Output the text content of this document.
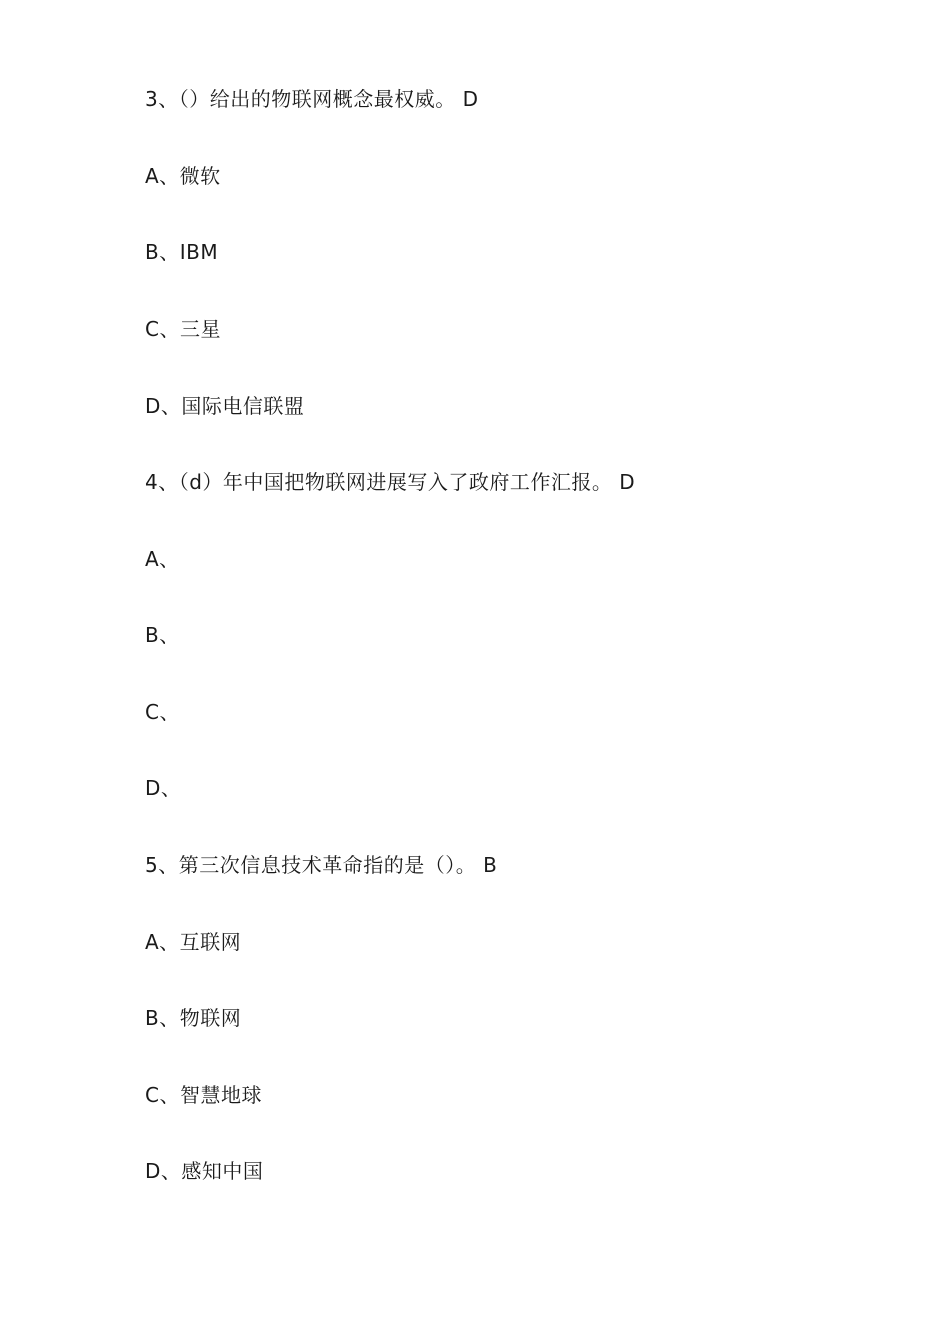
3、（）给出的物联网概念最权威。 D
A、微软
B、IBM
C、三星
D、国际电信联盟
4、（d）年中国把物联网进展写入了政府工作汇报。 D
A、
B、
C、
D、
5、第三次信息技术革命指的是（）。 B
A、互联网
B、物联网
C、智慧地球
D、感知中国
